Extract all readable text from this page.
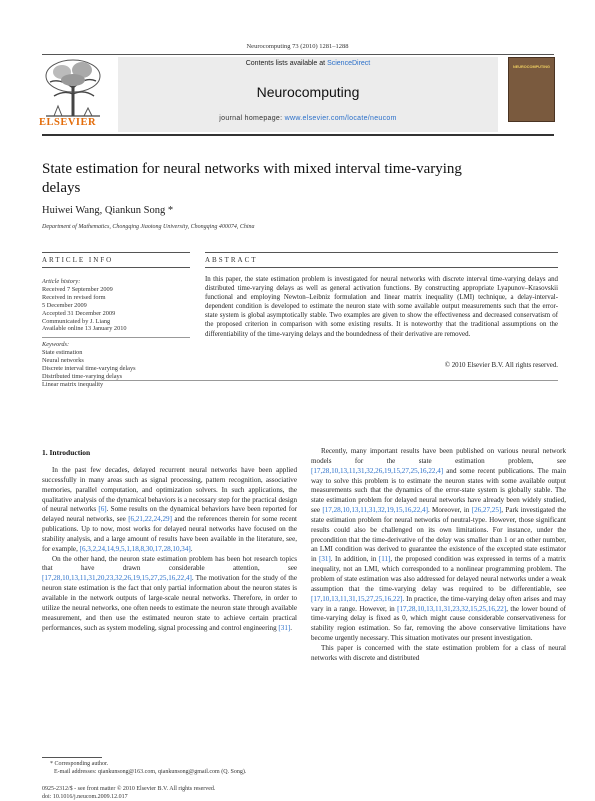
Neurocomputing 73 (2010) 1281–1288
ELSEVIER
Contents lists available at ScienceDirect
Neurocomputing
journal homepage: www.elsevier.com/locate/neucom
NEUROCOMPUTING
State estimation for neural networks with mixed interval time-varying delays
Huiwei Wang, Qiankun Song *
Department of Mathematics, Chongqing Jiaotong University, Chongqing 400074, China
ARTICLE INFO
Article history:
Received 7 September 2009
Received in revised form
5 December 2009
Accepted 31 December 2009
Communicated by J. Liang
Available online 13 January 2010
Keywords:
State estimation
Neural networks
Discrete interval time-varying delays
Distributed time-varying delays
Linear matrix inequality
ABSTRACT
In this paper, the state estimation problem is investigated for neural networks with discrete interval time-varying delays and distributed time-varying delays as well as general activation functions. By constructing appropriate Lyapunov–Krasovskii functional and employing Newton–Leibniz formulation and linear matrix inequality (LMI) technique, a delay-interval-dependent condition is developed to estimate the neuron state with some available output measurements such that the error-state system is global asymptotically stable. Two examples are given to show the effectiveness and decreased conservatism of the proposed criterion in comparison with some existing results. It is noteworthy that the traditional assumptions on the differentiability of the time-varying delays and the boundedness of their derivative are removed.
© 2010 Elsevier B.V. All rights reserved.
1. Introduction

In the past few decades, delayed recurrent neural networks have been applied successfully in many areas such as signal processing, pattern recognition, associative memories, parallel computation, and optimization solvers. In such applications, the qualitative analysis of the dynamical behaviors is a necessary step for the practical design of neural networks [6]. Some results on the dynamical behaviors have been reported for delayed neural networks, see [6,21,22,24,29] and the references therein for some recent publications. Up to now, most works for delayed neural networks have focused on the stability analysis, and a large amount of results have been available in the literature, see, for example, [6,3,2,24,14,9,5,1,18,8,30,17,28,10,34].

On the other hand, the neuron state estimation problem has been hot research topics that have drawn considerable attention, see [17,28,10,13,11,31,20,23,32,26,19,15,27,25,16,22,4]. The motivation for the study of the neuron state estimation is the fact that only partial information about the neuron states is available in the network outputs of large-scale neural networks. Therefore, in order to utilize the neural networks, one often needs to estimate the neuron state through available measurement, and then use the estimated neuron state to achieve certain practical performances, such as system modeling, signal processing and control engineering [31].

Recently, many important results have been published on various neural network models for the state estimation problem, see [17,28,10,13,11,31,32,26,19,15,27,25,16,22,4] and some recent publications. The main way to solve this problem is to estimate the neuron states with some available output measurements such that the dynamics of the error-state system is globally stable. The state estimation problem for delayed neural networks have already been widely studied, see [17,28,10,13,11,31,32,19,15,16,22,4]. Moreover, in [26,27,25], Park investigated the state estimation problem for neural networks of neutral-type. However, those significant results could also be challenged on its own limitations. For instance, under the precondition that the time-derivative of the delay was smaller than 1 or an other number, an LMI condition was derived to guarantee the existence of the excepted state estimator in [31]. In addition, in [11], the proposed condition was expressed in terms of a matrix inequality, not an LMI, which corresponded to a nonlinear programming problem. The problem of state estimation was also addressed for delayed neural networks under a weak assumption that the time-varying delay was required to be differentiable, see [17,10,13,11,31,15,27,25,16,22]. In practice, the time-varying delay often arises and may vary in a range. However, in [17,28,10,13,11,31,23,32,15,25,16,22], the lower bound of time-varying delay is fixed as 0, which might cause considerable conservativeness for stability region estimation. So far, removing the above conservative limitations have become urgently necessary. This situation motivates our present investigation.

This paper is concerned with the state estimation problem for a class of neural networks with discrete and distributed

* Corresponding author.
E-mail addresses: qiankunsong@163.com, qiankunsong@gmail.com (Q. Song).
0925-2312/$ - see front matter © 2010 Elsevier B.V. All rights reserved.
doi: 10.1016/j.neucom.2009.12.017
